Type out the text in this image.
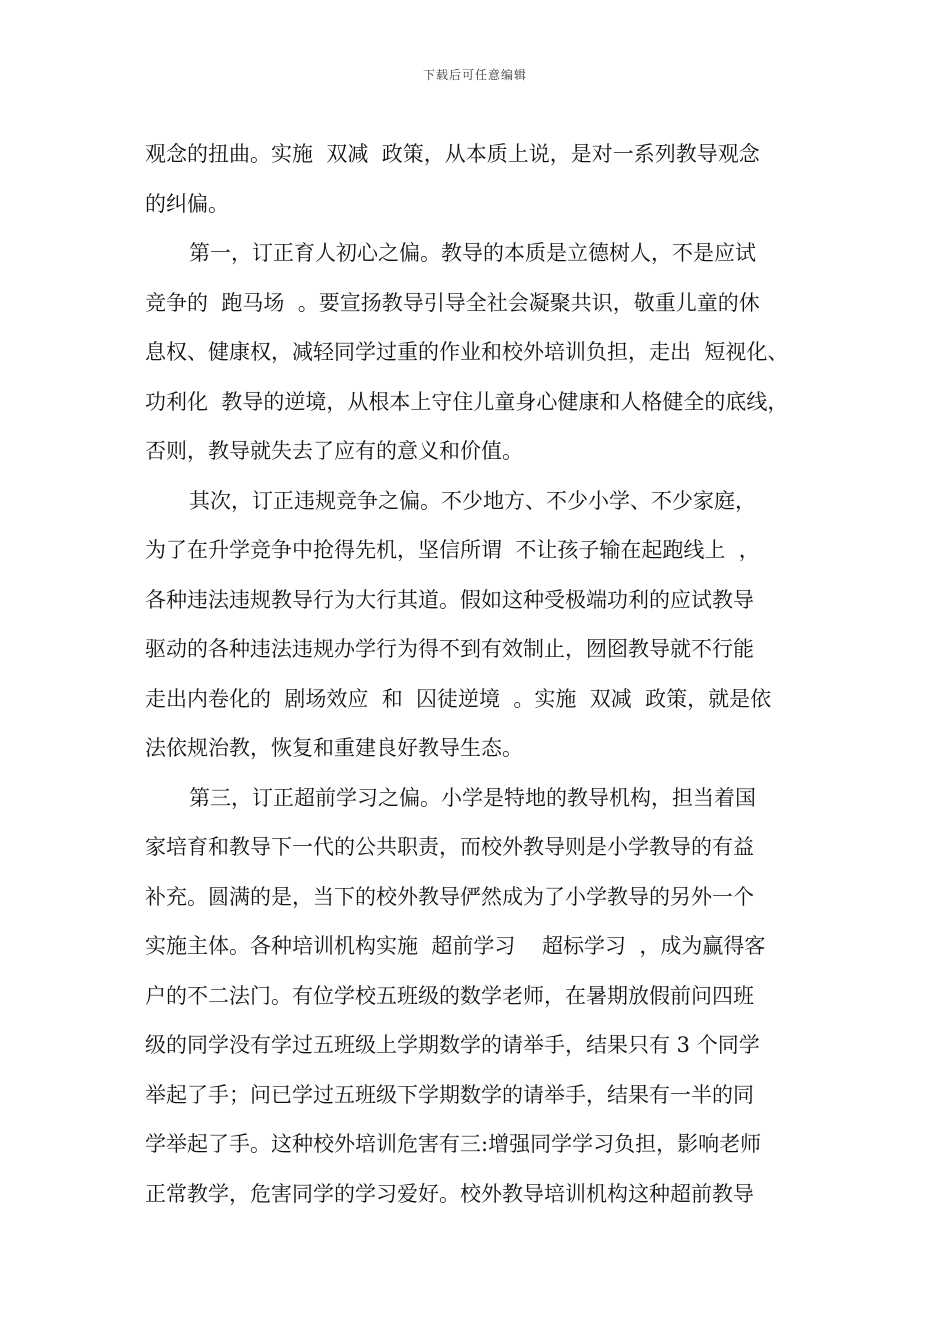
下载后可任意编辑
观念的扭曲。实施  双减  政策，从本质上说，是对一系列教导观念
的纠偏。
第一，订正育人初心之偏。教导的本质是立德树人，不是应试
竞争的  跑马场  。要宣扬教导引导全社会凝聚共识，敬重儿童的休
息权、健康权，减轻同学过重的作业和校外培训负担，走出  短视化、
功利化  教导的逆境，从根本上守住儿童身心健康和人格健全的底线，
否则，教导就失去了应有的意义和价值。
其次，订正违规竞争之偏。不少地方、不少小学、不少家庭，
为了在升学竞争中抢得先机，坚信所谓  不让孩子输在起跑线上  ，
各种违法违规教导行为大行其道。假如这种受极端功利的应试教导
驱动的各种违法违规办学行为得不到有效制止，囫囵教导就不行能
走出内卷化的  剧场效应  和  囚徒逆境  。实施  双减  政策，就是依
法依规治教，恢复和重建良好教导生态。
第三，订正超前学习之偏。小学是特地的教导机构，担当着国
家培育和教导下一代的公共职责，而校外教导则是小学教导的有益
补充。圆满的是，当下的校外教导俨然成为了小学教导的另外一个
实施主体。各种培训机构实施  超前学习    超标学习  ，成为赢得客
户的不二法门。有位学校五班级的数学老师，在暑期放假前问四班
级的同学没有学过五班级上学期数学的请举手，结果只有 3 个同学
举起了手；问已学过五班级下学期数学的请举手，结果有一半的同
学举起了手。这种校外培训危害有三:增强同学学习负担，影响老师
正常教学，危害同学的学习爱好。校外教导培训机构这种超前教导
